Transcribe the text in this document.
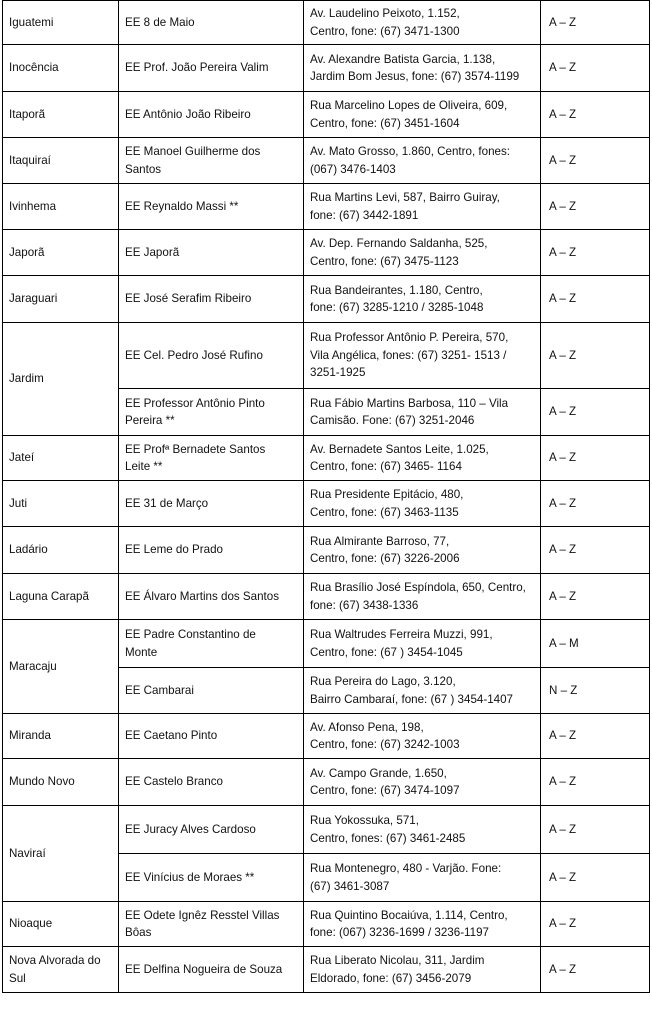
Iguatemi	EE 8 de Maio	Av. Laudelino Peixoto, 1.152,
Centro, fone: (67) 3471-1300	A – Z

Inocência	EE Prof. João Pereira Valim	Av. Alexandre Batista Garcia, 1.138,
Jardim Bom Jesus, fone: (67) 3574-1199	A – Z

Itaporã	EE Antônio João Ribeiro	Rua Marcelino Lopes de Oliveira, 609,
Centro, fone: (67) 3451-1604	A – Z

Itaquiraí	EE Manoel Guilherme dos
Santos	Av. Mato Grosso, 1.860, Centro, fones:
(067) 3476-1403	A – Z

Ivinhema	EE Reynaldo Massi **	Rua Martins Levi, 587, Bairro Guiray,
fone: (67) 3442-1891	A – Z

Japorã	EE Japorã	Av. Dep. Fernando Saldanha, 525,
Centro, fone: (67) 3475-1123	A – Z

Jaraguari	EE José Serafim Ribeiro	Rua Bandeirantes, 1.180, Centro,
fone: (67) 3285-1210 / 3285-1048	A – Z

Jardim	EE Cel. Pedro José Rufino	Rua Professor Antônio P. Pereira, 570,
Vila Angélica, fones: (67) 3251- 1513 /
3251-1925	A – Z

	EE Professor Antônio Pinto
Pereira **	Rua Fábio Martins Barbosa, 110 – Vila
Camisão. Fone: (67) 3251-2046	A – Z

Jateí	EE Profª Bernadete Santos
Leite **	Av. Bernadete Santos Leite, 1.025,
Centro, fone: (67) 3465- 1164	A – Z

Juti	EE 31 de Março	Rua Presidente Epitácio, 480,
Centro, fone: (67) 3463-1135	A – Z

Ladário	EE Leme do Prado	Rua Almirante Barroso, 77,
Centro, fone: (67) 3226-2006	A – Z

Laguna Carapã	EE Álvaro Martins dos Santos	Rua Brasílio José Espíndola, 650, Centro,
fone: (67) 3438-1336	A – Z

Maracaju	EE Padre Constantino de
Monte	Rua Waltrudes Ferreira Muzzi, 991,
Centro, fone: (67 ) 3454-1045	A – M

	EE Cambarai	Rua Pereira do Lago, 3.120,
Bairro Cambaraí, fone: (67 ) 3454-1407	N – Z

Miranda	EE Caetano Pinto	Av. Afonso Pena, 198,
Centro, fone: (67) 3242-1003	A – Z

Mundo Novo	EE Castelo Branco	Av. Campo Grande, 1.650,
Centro, fone: (67) 3474-1097	A – Z

Naviraí	EE Juracy Alves Cardoso	Rua Yokossuka, 571,
Centro, fones: (67) 3461-2485	A – Z

	EE Vinícius de Moraes **	Rua Montenegro, 480 - Varjão. Fone:
(67) 3461-3087	A – Z

Nioaque	EE Odete Ignêz Resstel Villas
Bôas	Rua Quintino Bocaiúva, 1.114, Centro,
fone: (067) 3236-1699 / 3236-1197	A – Z

Nova Alvorada do
Sul	EE Delfina Nogueira de Souza	Rua Liberato Nicolau, 311, Jardim
Eldorado, fone: (67) 3456-2079	A – Z
